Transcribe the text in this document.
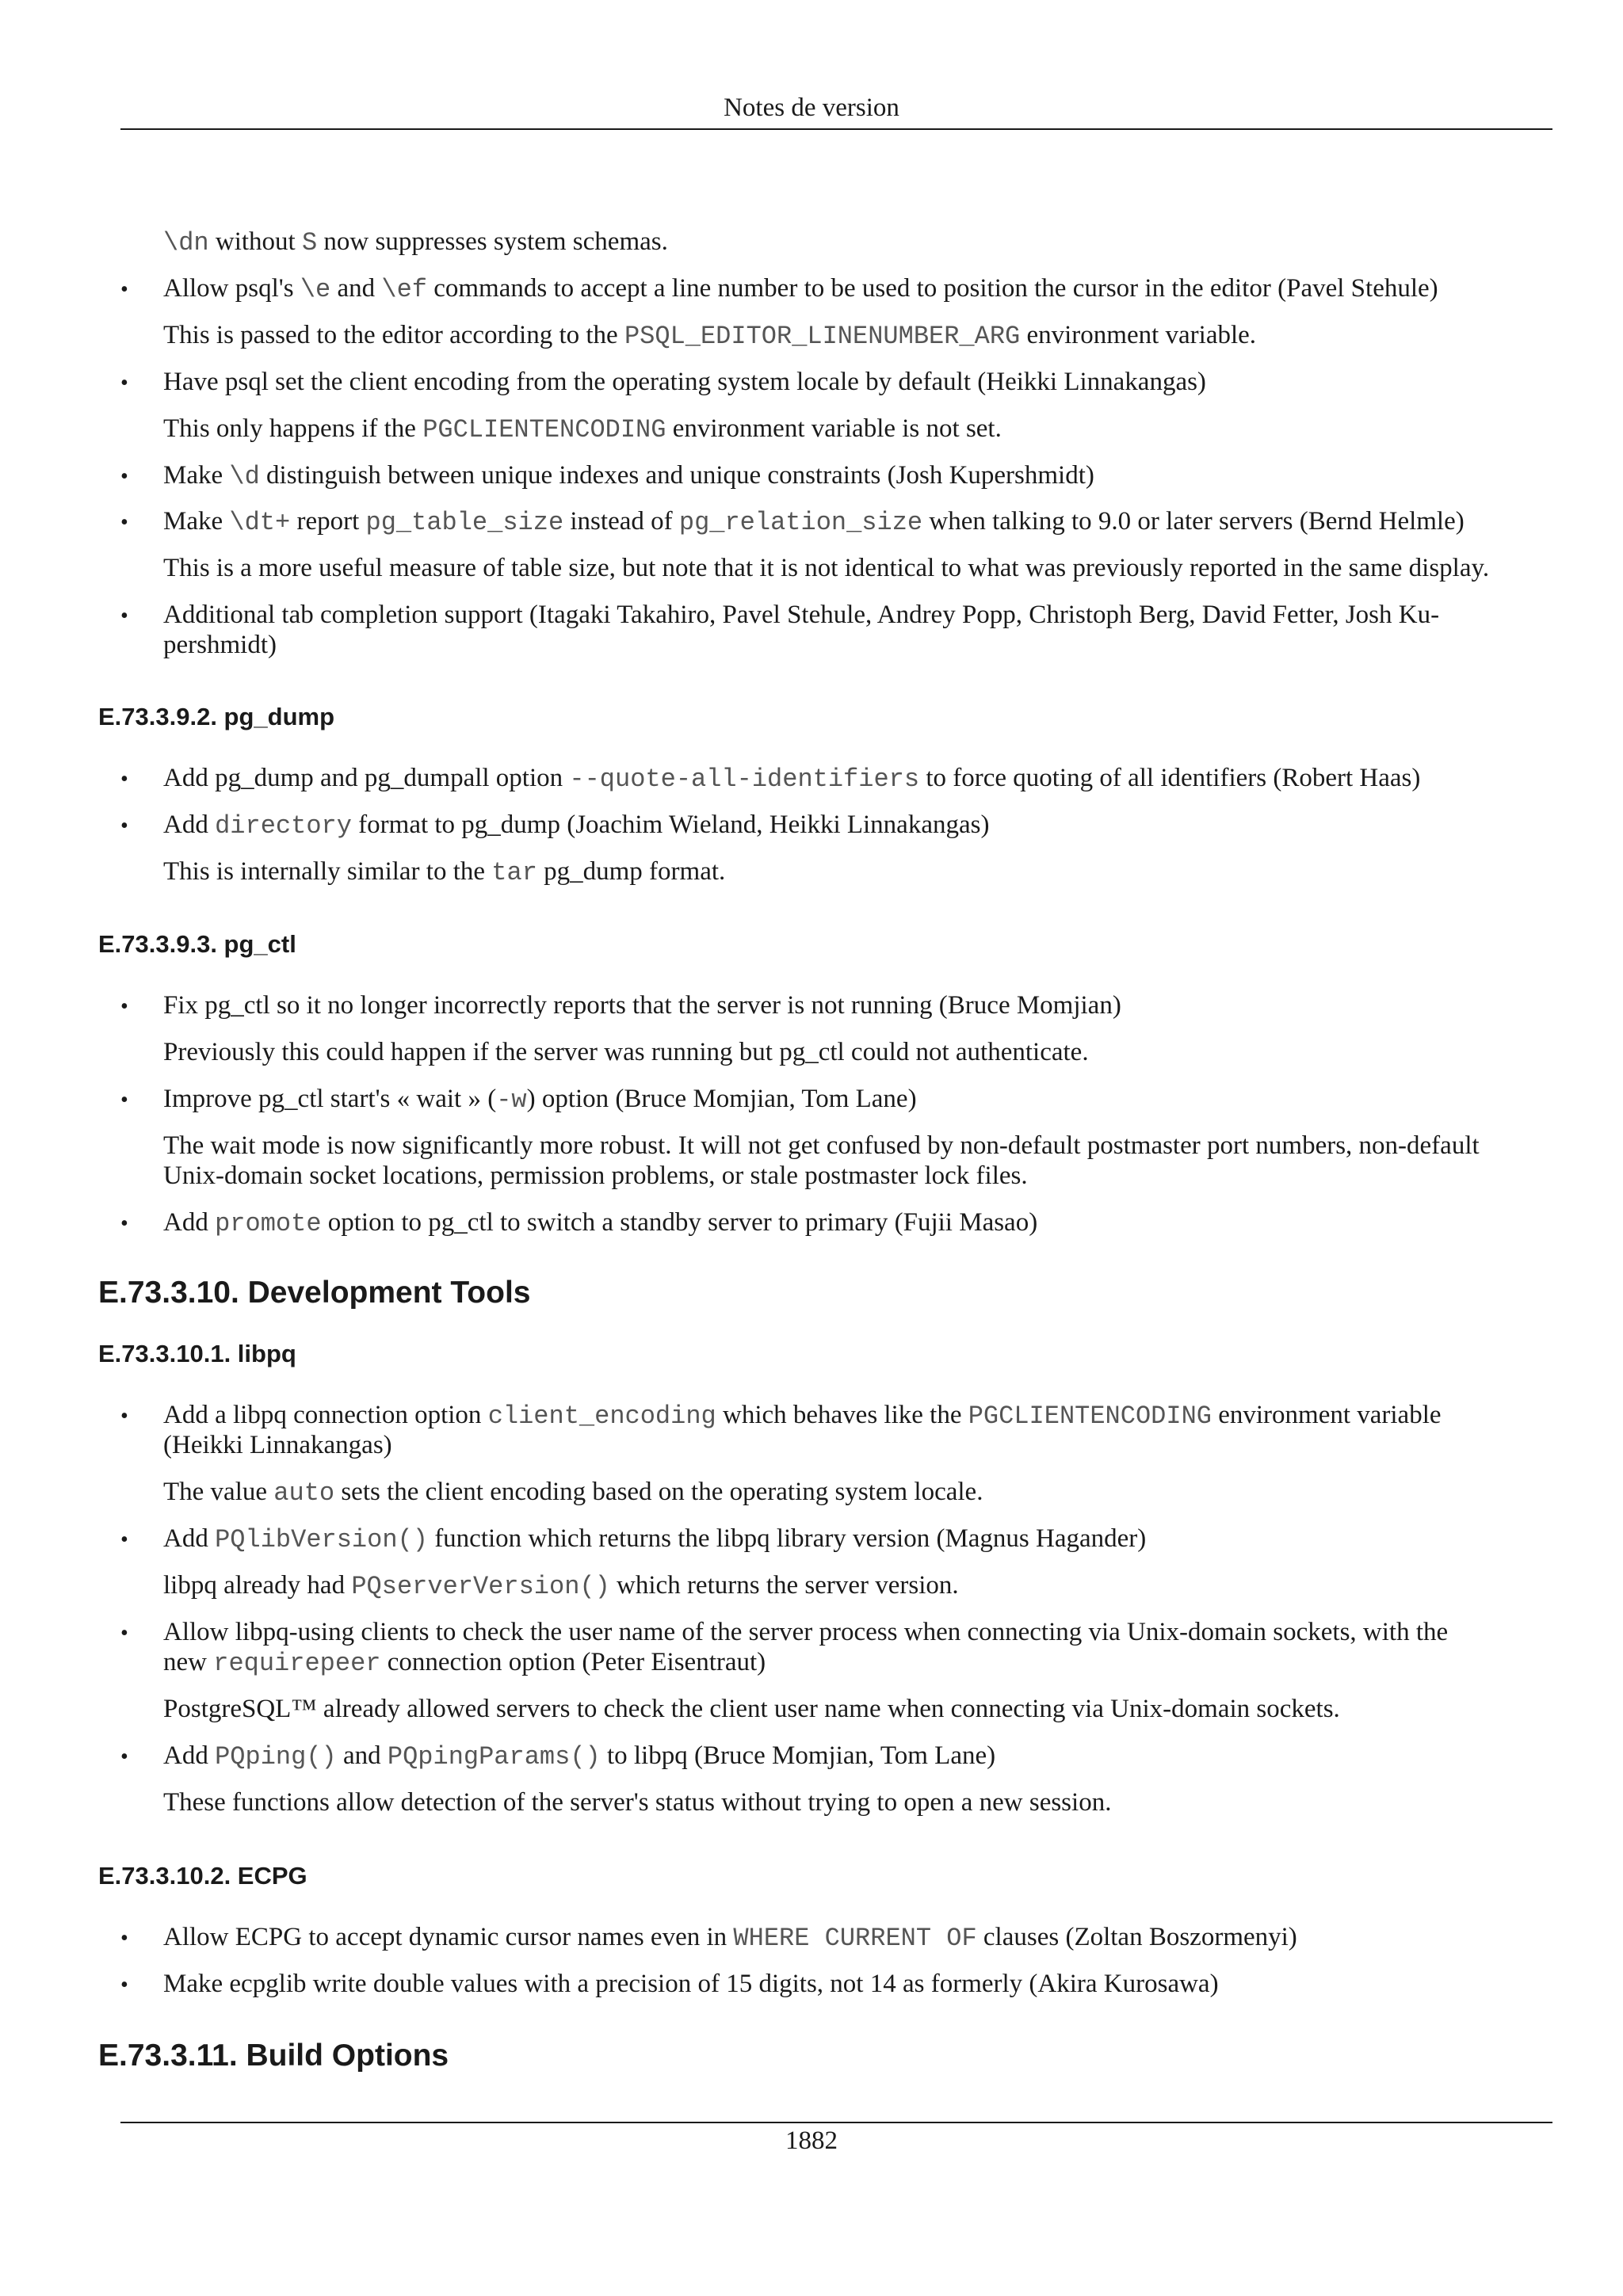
Notes de version
\dn without S now suppresses system schemas.
• Allow psql's \e and \ef commands to accept a line number to be used to position the cursor in the editor (Pavel Stehule)
This is passed to the editor according to the PSQL_EDITOR_LINENUMBER_ARG environment variable.
• Have psql set the client encoding from the operating system locale by default (Heikki Linnakangas)
This only happens if the PGCLIENTENCODING environment variable is not set.
• Make \d distinguish between unique indexes and unique constraints (Josh Kupershmidt)
• Make \dt+ report pg_table_size instead of pg_relation_size when talking to 9.0 or later servers (Bernd Helmle)
This is a more useful measure of table size, but note that it is not identical to what was previously reported in the same display.
• Additional tab completion support (Itagaki Takahiro, Pavel Stehule, Andrey Popp, Christoph Berg, David Fetter, Josh Ku-
pershmidt)
E.73.3.9.2. pg_dump
• Add pg_dump and pg_dumpall option --quote-all-identifiers to force quoting of all identifiers (Robert Haas)
• Add directory format to pg_dump (Joachim Wieland, Heikki Linnakangas)
This is internally similar to the tar pg_dump format.
E.73.3.9.3. pg_ctl
• Fix pg_ctl so it no longer incorrectly reports that the server is not running (Bruce Momjian)
Previously this could happen if the server was running but pg_ctl could not authenticate.
• Improve pg_ctl start's « wait » (-w) option (Bruce Momjian, Tom Lane)
The wait mode is now significantly more robust. It will not get confused by non-default postmaster port numbers, non-default
Unix-domain socket locations, permission problems, or stale postmaster lock files.
• Add promote option to pg_ctl to switch a standby server to primary (Fujii Masao)
E.73.3.10. Development Tools
E.73.3.10.1. libpq
• Add a libpq connection option client_encoding which behaves like the PGCLIENTENCODING environment variable
(Heikki Linnakangas)
The value auto sets the client encoding based on the operating system locale.
• Add PQlibVersion() function which returns the libpq library version (Magnus Hagander)
libpq already had PQserverVersion() which returns the server version.
• Allow libpq-using clients to check the user name of the server process when connecting via Unix-domain sockets, with the
new requirepeer connection option (Peter Eisentraut)
PostgreSQL™ already allowed servers to check the client user name when connecting via Unix-domain sockets.
• Add PQping() and PQpingParams() to libpq (Bruce Momjian, Tom Lane)
These functions allow detection of the server's status without trying to open a new session.
E.73.3.10.2. ECPG
• Allow ECPG to accept dynamic cursor names even in WHERE CURRENT OF clauses (Zoltan Boszormenyi)
• Make ecpglib write double values with a precision of 15 digits, not 14 as formerly (Akira Kurosawa)
E.73.3.11. Build Options
1882
